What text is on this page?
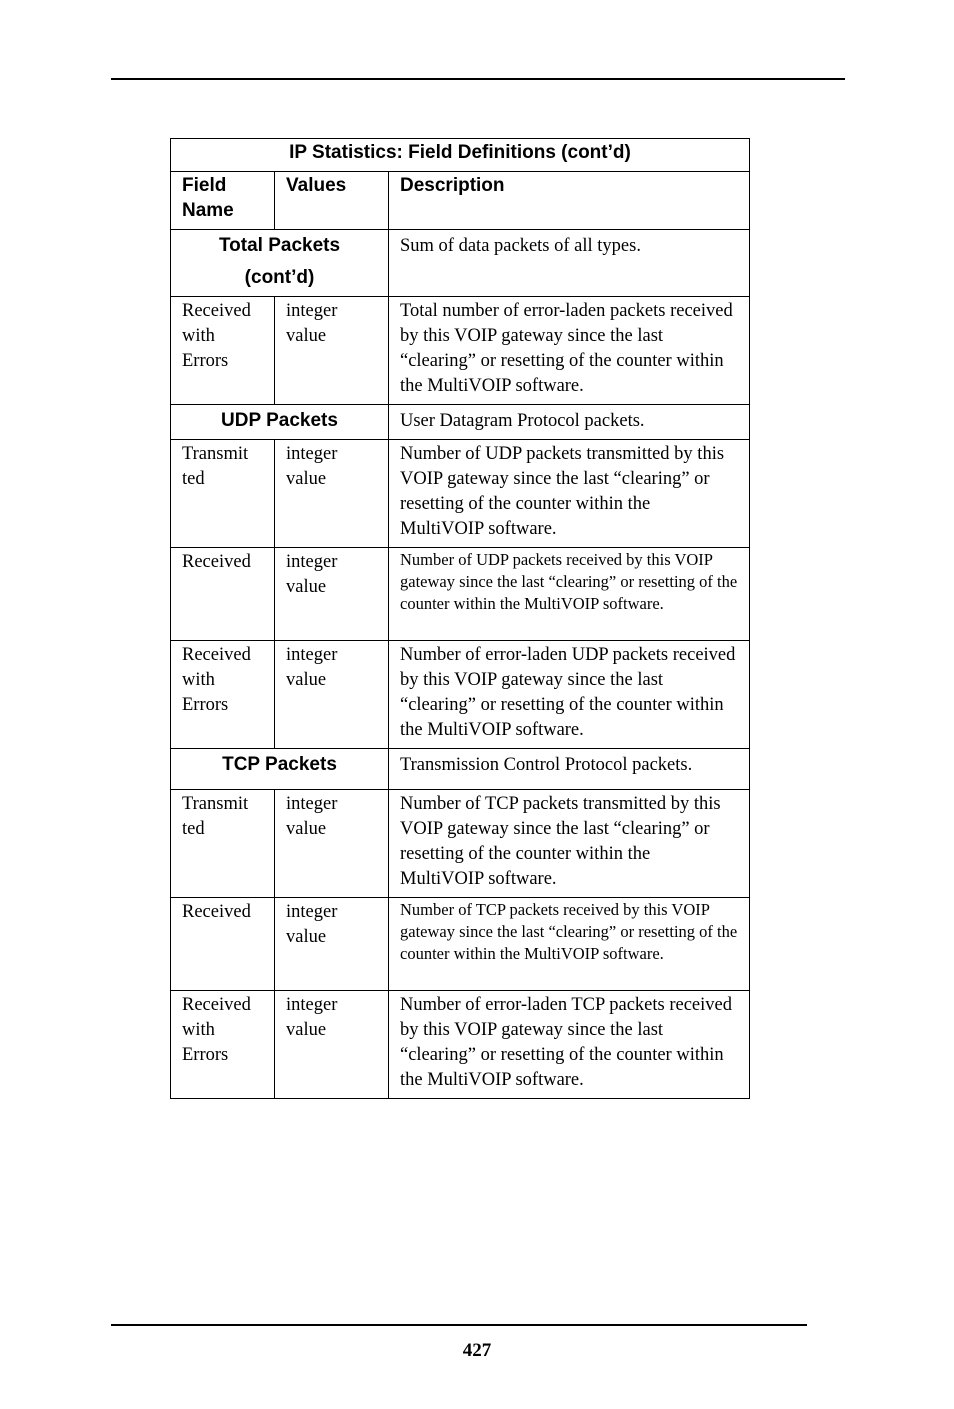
IP Statistics: Field Definitions (cont’d)		
Field Name	Values	Description

Total Packets
(cont’d)		Sum of data packets of all types.
Received with Errors	integer value	Total number of error-laden packets received by this VOIP gateway since the last “clearing” or resetting of the counter within the MultiVOIP software.
UDP Packets		User Datagram Protocol packets.
Transmit ted	integer value	Number of UDP packets transmitted by this VOIP gateway since the last “clearing” or resetting of the counter within the MultiVOIP software.
Received	integer value	Number of UDP packets received by this VOIP gateway since the last “clearing” or resetting of the counter within the MultiVOIP software.
Received with Errors	integer value	Number of error-laden UDP packets received by this VOIP gateway since the last “clearing” or resetting of the counter within the MultiVOIP software.
TCP Packets		Transmission Control Protocol packets.
Transmit ted	integer value	Number of TCP packets transmitted by this VOIP gateway since the last “clearing” or resetting of the counter within the MultiVOIP software.
Received	integer value	Number of TCP packets received by this VOIP gateway since the last “clearing” or resetting of the counter within the MultiVOIP software.
Received with Errors	integer value	Number of error-laden TCP packets received by this VOIP gateway since the last “clearing” or resetting of the counter within the MultiVOIP software.
427
